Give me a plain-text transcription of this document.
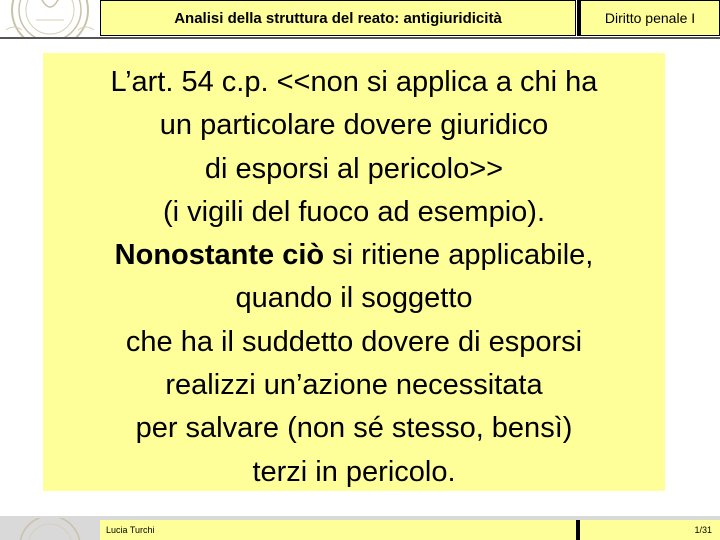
Analisi della struttura del reato: antigiuridicità	Diritto penale I
L’art. 54 c.p. <<non si applica a chi ha
un particolare dovere giuridico
di esporsi al pericolo>>
(i vigili del fuoco ad esempio).
Nonostante ciò si ritiene applicabile,
quando il soggetto
che ha il suddetto dovere di esporsi
realizzi un’azione necessitata
per salvare (non sé stesso, bensì)
terzi in pericolo.
Lucia Turchi	1/31
